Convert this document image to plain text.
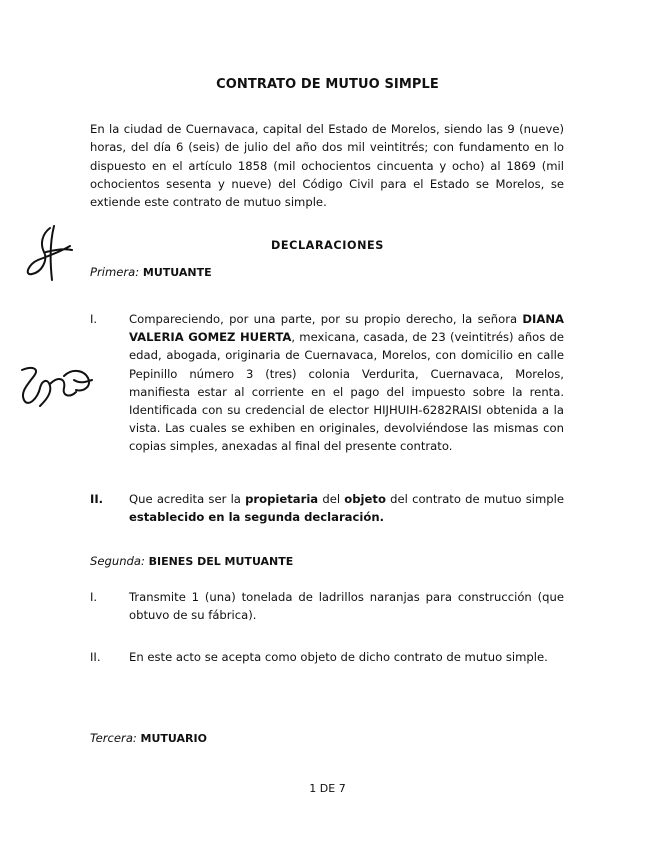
CONTRATO DE MUTUO SIMPLE

En la ciudad de Cuernavaca, capital del Estado de Morelos, siendo las 9 (nueve) horas, del día 6 (seis) de julio del año dos mil veintitrés; con fundamento en lo dispuesto en el artículo 1858 (mil ochocientos cincuenta y ocho) al 1869 (mil ochocientos sesenta y nueve) del Código Civil para el Estado se Morelos, se extiende este contrato de mutuo simple.

DECLARACIONES
Primera: MUTUANTE
I.	Compareciendo, por una parte, por su propio derecho, la señora DIANA VALERIA GOMEZ HUERTA, mexicana, casada, de 23 (veintitrés) años de edad, abogada, originaria de Cuernavaca, Morelos, con domicilio en calle Pepinillo número 3 (tres) colonia Verdurita, Cuernavaca, Morelos, manifiesta estar al corriente en el pago del impuesto sobre la renta. Identificada con su credencial de elector HIJHUIH-6282RAISI obtenida a la vista. Las cuales se exhiben en originales, devolviéndose las mismas con copias simples, anexadas al final del presente contrato.
II. Que acredita ser la propietaria del objeto del contrato de mutuo simple establecido en la segunda declaración.
Segunda: BIENES DEL MUTUANTE
I.	Transmite 1 (una) tonelada de ladrillos naranjas para construcción (que obtuvo de su fábrica).
II. En este acto se acepta como objeto de dicho contrato de mutuo simple.
Tercera: MUTUARIO
1 DE 7
